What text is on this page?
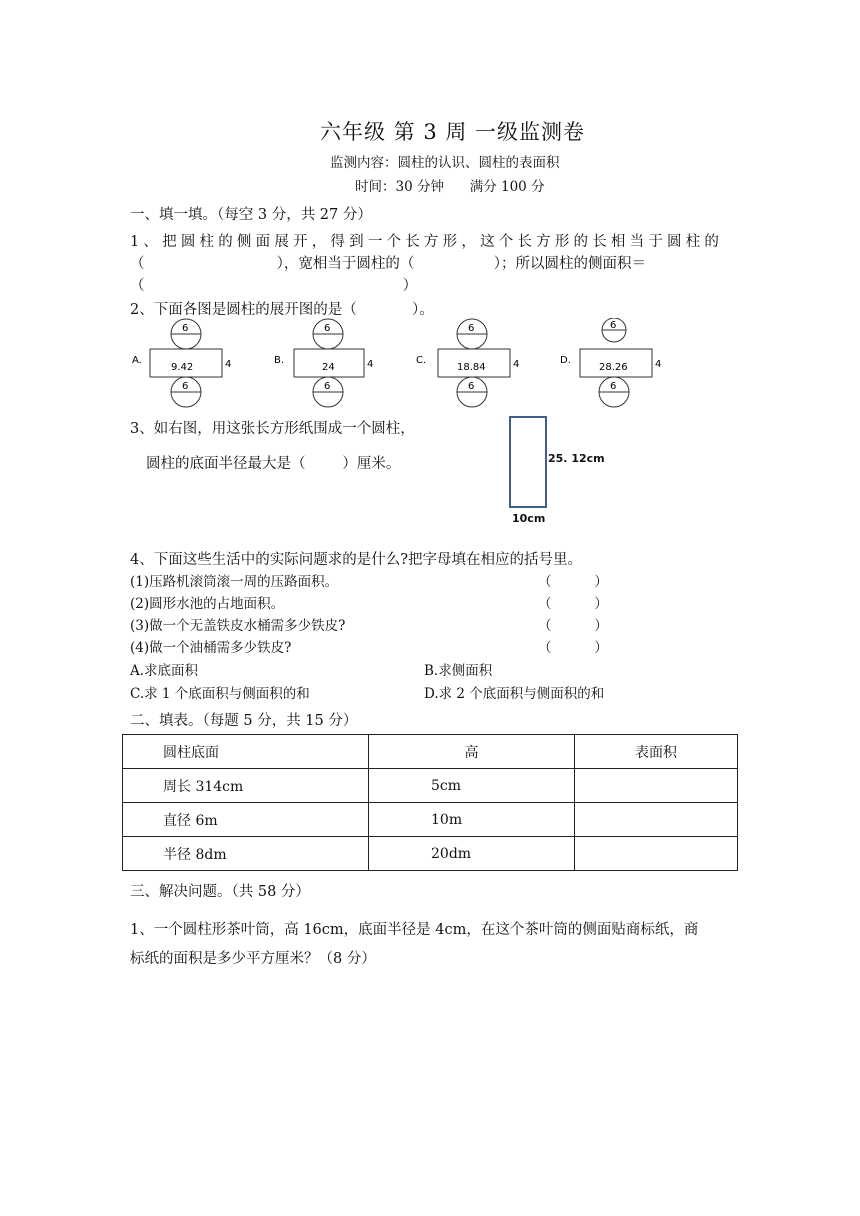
六年级 第 3 周 一级监测卷
监测内容：圆柱的认识、圆柱的表面积
时间：30 分钟      满分 100 分
一、填一填。（每空 3 分，共 27 分）
1、把圆柱的侧面展开，得到一个长方形，这个长方形的长相当于圆柱的
（                    ），宽相当于圆柱的（            ）；所以圆柱的侧面积＝
（                                                        ）
2、下面各图是圆柱的展开图的是（            ）。
A.
6
9.42	4
6
B.
6
24	4
6
C.
6
18.84	4
6
D.
6
28.26	4
6
3、如右图，用这张长方形纸围成一个圆柱，
圆柱的底面半径最大是（        ）厘米。	25. 12cm
10cm
4、下面这些生活中的实际问题求的是什么?把字母填在相应的括号里。
(1)压路机滚筒滚一周的压路面积。	（          ）
(2)圆形水池的占地面积。	（          ）
(3)做一个无盖铁皮水桶需多少铁皮?	（          ）
(4)做一个油桶需多少铁皮?	（          ）
A.求底面积	B.求侧面积
C.求 1 个底面积与侧面积的和	D.求 2 个底面积与侧面积的和
二、填表。（每题 5 分，共 15 分）
圆柱底面	高	表面积
周长 314cm	5cm	
直径 6m	10m	
半径 8dm	20dm	
三、解决问题。（共 58 分）
1、一个圆柱形茶叶筒，高 16cm，底面半径是 4cm，在这个茶叶筒的侧面贴商标纸，商
标纸的面积是多少平方厘米？（8 分）
